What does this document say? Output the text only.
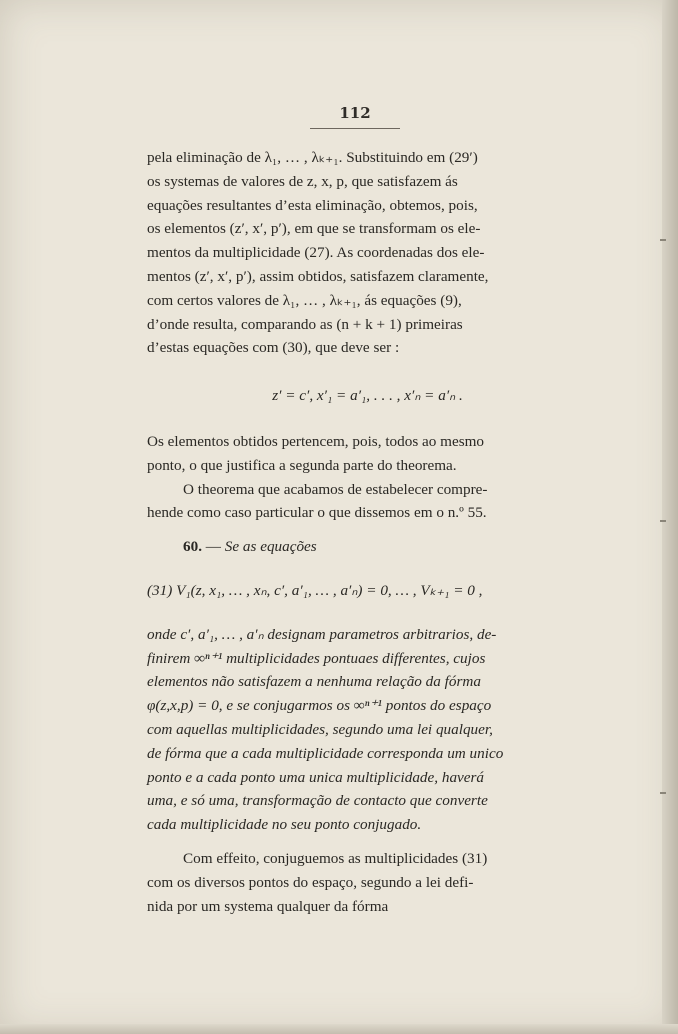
112
pela eliminação de λ₁, … , λₖ₊₁. Substituindo em (29′)
os systemas de valores de z, x, p, que satisfazem ás
equações resultantes d’esta eliminação, obtemos, pois,
os elementos (z′, x′, p′), em que se transformam os ele-
mentos da multiplicidade (27). As coordenadas dos ele-
mentos (z′, x′, p′), assim obtidos, satisfazem claramente,
com certos valores de λ₁, … , λₖ₊₁, ás equações (9),
d’onde resulta, comparando as (n + k + 1) primeiras
d’estas equações com (30), que deve ser :
z′ = c′, x′₁ = a′₁, . . . , x′ₙ = a′ₙ .
Os elementos obtidos pertencem, pois, todos ao mesmo
ponto, o que justifica a segunda parte do theorema.
O theorema que acabamos de estabelecer compre-
hende como caso particular o que dissemos em o n.º 55.
60. — Se as equações
(31) V₁(z, x₁, … , xₙ, c′, a′₁, … , a′ₙ) = 0, … , Vₖ₊₁ = 0 ,
onde c′, a′₁, … , a′ₙ designam parametros arbitrarios, de-
finirem ∞ⁿ⁺¹ multiplicidades pontuaes differentes, cujos
elementos não satisfazem a nenhuma relação da fórma
φ(z,x,p) = 0, e se conjugarmos os ∞ⁿ⁺¹ pontos do espaço
com aquellas multiplicidades, segundo uma lei qualquer,
de fórma que a cada multiplicidade corresponda um unico
ponto e a cada ponto uma unica multiplicidade, haverá
uma, e só uma, transformação de contacto que converte
cada multiplicidade no seu ponto conjugado.
Com effeito, conjuguemos as multiplicidades (31)
com os diversos pontos do espaço, segundo a lei defi-
nida por um systema qualquer da fórma
